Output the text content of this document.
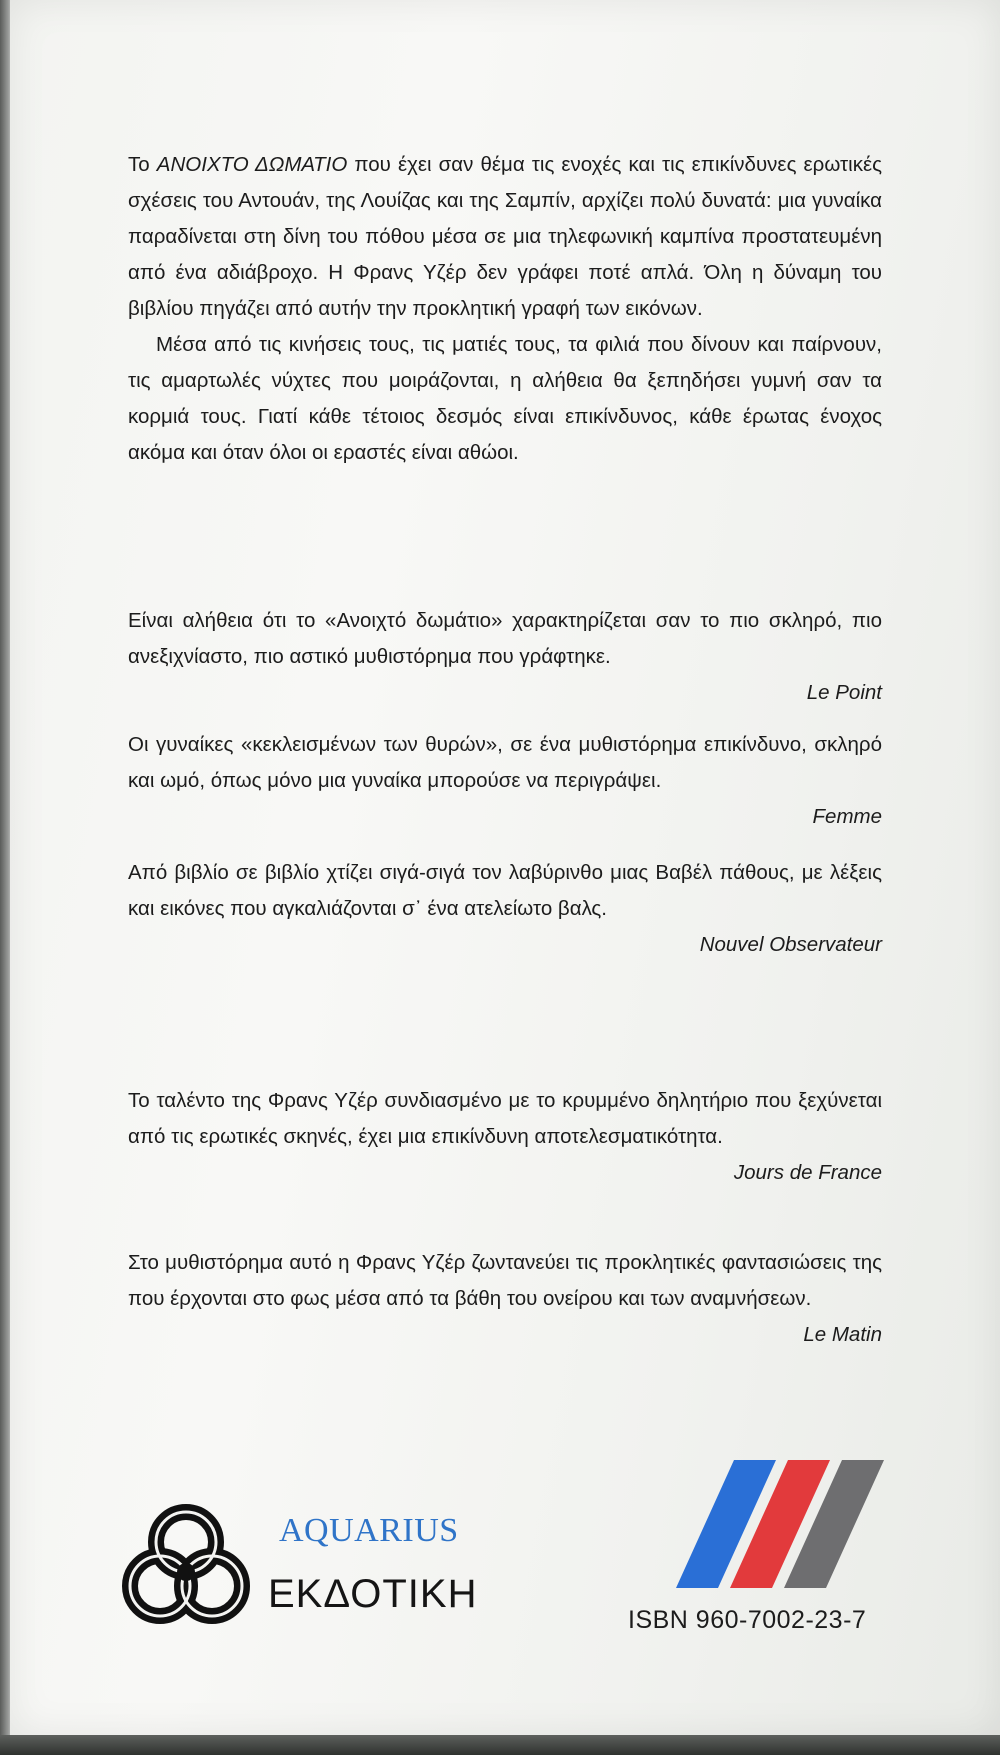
Το ΑΝΟΙΧΤΟ ΔΩΜΑΤΙΟ που έχει σαν θέμα τις ενοχές και τις επικίνδυνες ερωτικές σχέσεις του Αντουάν, της Λουίζας και της Σαμπίν, αρχίζει πολύ δυνατά: μια γυναίκα παραδίνεται στη δίνη του πόθου μέσα σε μια τηλεφωνική καμπίνα προστατευμένη από ένα αδιάβροχο. Η Φρανς Υζέρ δεν γράφει ποτέ απλά. Όλη η δύναμη του βιβλίου πηγάζει από αυτήν την προκλητική γραφή των εικόνων.

Μέσα από τις κινήσεις τους, τις ματιές τους, τα φιλιά που δίνουν και παίρνουν, τις αμαρτωλές νύχτες που μοιράζονται, η αλήθεια θα ξεπηδήσει γυμνή σαν τα κορμιά τους. Γιατί κάθε τέτοιος δεσμός είναι επικίνδυνος, κάθε έρωτας ένοχος ακόμα και όταν όλοι οι εραστές είναι αθώοι.

Είναι αλήθεια ότι το «Ανοιχτό δωμάτιο» χαρακτηρίζεται σαν το πιο σκληρό, πιο ανεξιχνίαστο, πιο αστικό μυθιστόρημα που γράφτηκε.

Le Point

Οι γυναίκες «κεκλεισμένων των θυρών», σε ένα μυθιστόρημα επικίνδυνο, σκληρό και ωμό, όπως μόνο μια γυναίκα μπορούσε να περιγράψει.

Femme

Από βιβλίο σε βιβλίο χτίζει σιγά-σιγά τον λαβύρινθο μιας Βαβέλ πάθους, με λέξεις και εικόνες που αγκαλιάζονται σ᾽ ένα ατελείωτο βαλς.

Nouvel Observateur

Το ταλέντο της Φρανς Υζέρ συνδιασμένο με το κρυμμένο δηλητήριο που ξεχύνεται από τις ερωτικές σκηνές, έχει μια επικίνδυνη αποτελεσματικότητα.

Jours de France

Στο μυθιστόρημα αυτό η Φρανς Υζέρ ζωντανεύει τις προκλητικές φαντασιώσεις της που έρχονται στο φως μέσα από τα βάθη του ονείρου και των αναμνήσεων.

Le Matin
AQUARIUS
ΕΚΔΟΤΙΚΗ
ISBN 960-7002-23-7
